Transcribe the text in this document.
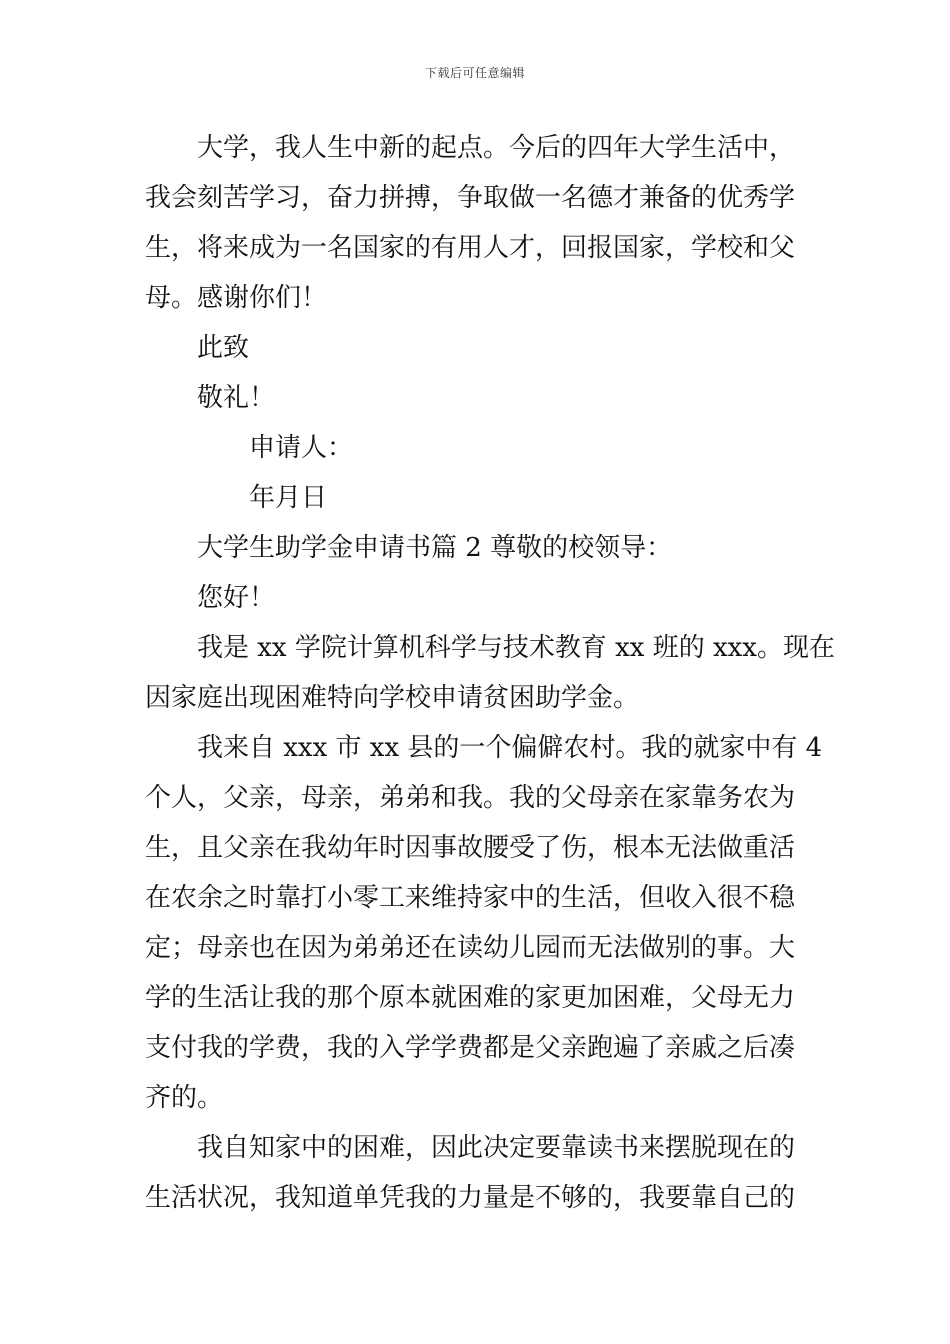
下载后可任意编辑
大学，我人生中新的起点。今后的四年大学生活中，
我会刻苦学习，奋力拼搏，争取做一名德才兼备的优秀学
生，将来成为一名国家的有用人才，回报国家，学校和父
母。感谢你们！
此致
敬礼！
申请人：
年月日
大学生助学金申请书篇 2 尊敬的校领导：
您好！
我是 xx 学院计算机科学与技术教育 xx 班的 xxx。现在
因家庭出现困难特向学校申请贫困助学金。
我来自 xxx 市 xx 县的一个偏僻农村。我的就家中有 4
个人，父亲，母亲，弟弟和我。我的父母亲在家靠务农为
生，且父亲在我幼年时因事故腰受了伤，根本无法做重活
在农余之时靠打小零工来维持家中的生活，但收入很不稳
定；母亲也在因为弟弟还在读幼儿园而无法做别的事。大
学的生活让我的那个原本就困难的家更加困难，父母无力
支付我的学费，我的入学学费都是父亲跑遍了亲戚之后凑
齐的。
我自知家中的困难，因此决定要靠读书来摆脱现在的
生活状况，我知道单凭我的力量是不够的，我要靠自己的
